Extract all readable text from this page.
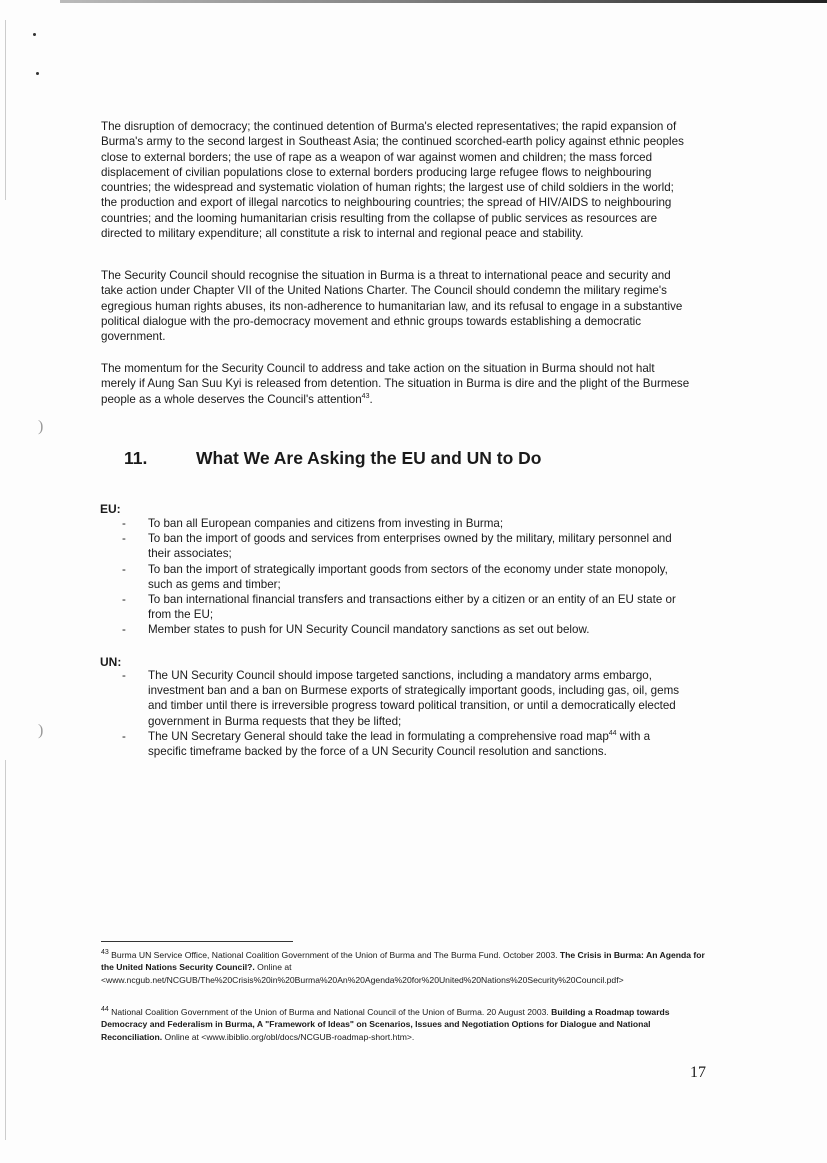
)
)

The disruption of democracy; the continued detention of Burma's elected representatives; the rapid expansion of Burma's army to the second largest in Southeast Asia; the continued scorched-earth policy against ethnic peoples close to external borders; the use of rape as a weapon of war against women and children; the mass forced displacement of civilian populations close to external borders producing large refugee flows to neighbouring countries; the widespread and systematic violation of human rights; the largest use of child soldiers in the world; the production and export of illegal narcotics to neighbouring countries; the spread of HIV/AIDS to neighbouring countries; and the looming humanitarian crisis resulting from the collapse of public services as resources are directed to military expenditure; all constitute a risk to internal and regional peace and stability.

The Security Council should recognise the situation in Burma is a threat to international peace and security and take action under Chapter VII of the United Nations Charter. The Council should condemn the military regime's egregious human rights abuses, its non-adherence to humanitarian law, and its refusal to engage in a substantive political dialogue with the pro-democracy movement and ethnic groups towards establishing a democratic government.

The momentum for the Security Council to address and take action on the situation in Burma should not halt merely if Aung San Suu Kyi is released from detention. The situation in Burma is dire and the plight of the Burmese people as a whole deserves the Council's attention$^{43}$.

11.	What We Are Asking the EU and UN to Do
EU:
- To ban all European companies and citizens from investing in Burma;
- To ban the import of goods and services from enterprises owned by the military, military personnel and their associates;
- To ban the import of strategically important goods from sectors of the economy under state monopoly, such as gems and timber;
- To ban international financial transfers and transactions either by a citizen or an entity of an EU state or from the EU;
- Member states to push for UN Security Council mandatory sanctions as set out below.
UN:
- The UN Security Council should impose targeted sanctions, including a mandatory arms embargo, investment ban and a ban on Burmese exports of strategically important goods, including gas, oil, gems and timber until there is irreversible progress toward political transition, or until a democratically elected government in Burma requests that they be lifted;
- The UN Secretary General should take the lead in formulating a comprehensive road map$^{44}$ with a specific timeframe backed by the force of a UN Security Council resolution and sanctions.

$^{43}$ Burma UN Service Office, National Coalition Government of the Union of Burma and The Burma Fund. October 2003. The Crisis in Burma: An Agenda for the United Nations Security Council?. Online at <www.ncgub.net/NCGUB/The%20Crisis%20in%20Burma%20An%20Agenda%20for%20United%20Nations%20Security%20Council.pdf>

$^{44}$ National Coalition Government of the Union of Burma and National Council of the Union of Burma. 20 August 2003. Building a Roadmap towards Democracy and Federalism in Burma, A "Framework of Ideas" on Scenarios, Issues and Negotiation Options for Dialogue and National Reconciliation. Online at <www.ibiblio.org/obl/docs/NCGUB-roadmap-short.htm>.

17
